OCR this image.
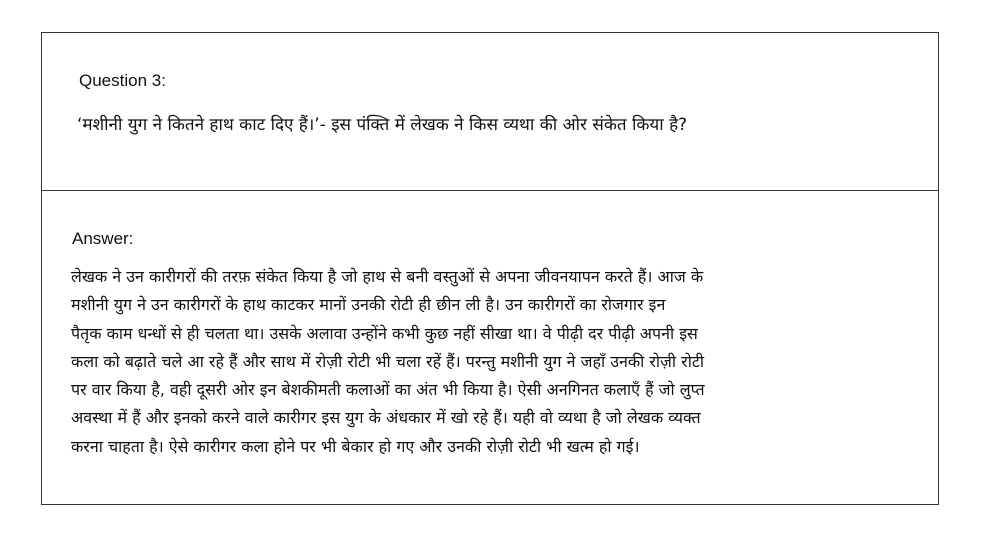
Question 3:
‘मशीनी युग ने कितने हाथ काट दिए हैं।’- इस पंक्ति में लेखक ने किस व्यथा की ओर संकेत किया है?
Answer:
लेखक ने उन कारीगरों की तरफ़ संकेत किया है जो हाथ से बनी वस्तुओं से अपना जीवनयापन करते हैं। आज के
मशीनी युग ने उन कारीगरों के हाथ काटकर मानों उनकी रोटी ही छीन ली है। उन कारीगरों का रोजगार इन
पैतृक काम धन्धों से ही चलता था। उसके अलावा उन्होंने कभी कुछ नहीं सीखा था। वे पीढ़ी दर पीढ़ी अपनी इस
कला को बढ़ाते चले आ रहे हैं और साथ में रोज़ी रोटी भी चला रहें हैं। परन्तु मशीनी युग ने जहाँ उनकी रोज़ी रोटी
पर वार किया है, वही दूसरी ओर इन बेशकीमती कलाओं का अंत भी किया है। ऐसी अनगिनत कलाएँ हैं जो लुप्त
अवस्था में हैं और इनको करने वाले कारीगर इस युग के अंधकार में खो रहे हैं। यही वो व्यथा है जो लेखक व्यक्त
करना चाहता है। ऐसे कारीगर कला होने पर भी बेकार हो गए और उनकी रोज़ी रोटी भी खत्म हो गई।
